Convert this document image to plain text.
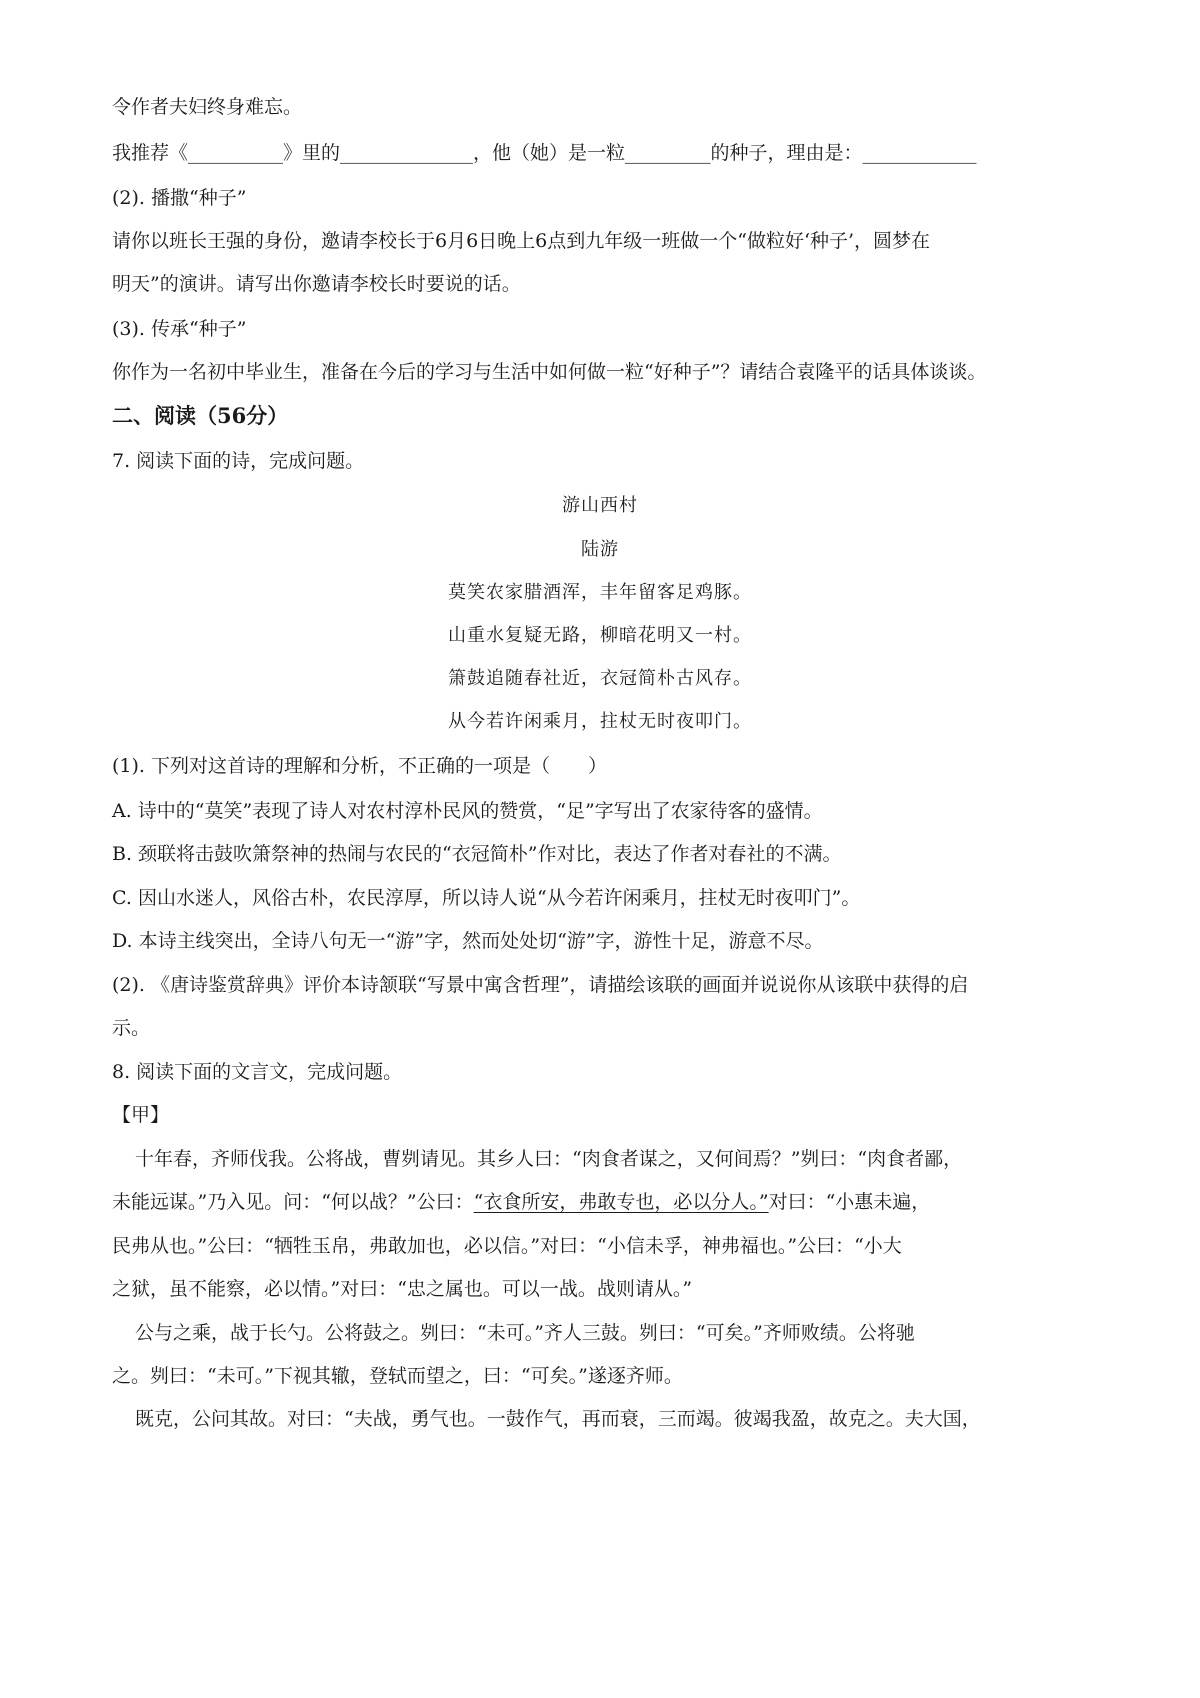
令作者夫妇终身难忘。
我推荐《__________》里的______________，他（她）是一粒_________的种子，理由是：____________
(2). 播撒“种子”
请你以班长王强的身份，邀请李校长于6月6日晚上6点到九年级一班做一个“做粒好‘种子’，圆梦在
明天”的演讲。请写出你邀请李校长时要说的话。
(3). 传承“种子”
你作为一名初中毕业生，准备在今后的学习与生活中如何做一粒“好种子”？请结合袁隆平的话具体谈谈。
二、阅读（56分）
7. 阅读下面的诗，完成问题。
游山西村
陆游
莫笑农家腊酒浑，丰年留客足鸡豚。
山重水复疑无路，柳暗花明又一村。
箫鼓追随春社近，衣冠简朴古风存。
从今若许闲乘月，拄杖无时夜叩门。
(1). 下列对这首诗的理解和分析，不正确的一项是（　　）
A. 诗中的“莫笑”表现了诗人对农村淳朴民风的赞赏，“足”字写出了农家待客的盛情。
B. 颈联将击鼓吹箫祭神的热闹与农民的“衣冠简朴”作对比，表达了作者对春社的不满。
C. 因山水迷人，风俗古朴，农民淳厚，所以诗人说“从今若许闲乘月，拄杖无时夜叩门”。
D. 本诗主线突出，全诗八句无一“游”字，然而处处切“游”字，游性十足，游意不尽。
(2). 《唐诗鉴赏辞典》评价本诗颔联“写景中寓含哲理”，请描绘该联的画面并说说你从该联中获得的启
示。
8. 阅读下面的文言文，完成问题。
【甲】
十年春，齐师伐我。公将战，曹刿请见。其乡人曰：“肉食者谋之，又何间焉？”刿曰：“肉食者鄙，
未能远谋。”乃入见。问：“何以战？”公曰：“衣食所安，弗敢专也，必以分人。”对曰：“小惠未遍，
民弗从也。”公曰：“牺牲玉帛，弗敢加也，必以信。”对曰：“小信未孚，神弗福也。”公曰：“小大
之狱，虽不能察，必以情。”对曰：“忠之属也。可以一战。战则请从。”
公与之乘，战于长勺。公将鼓之。刿曰：“未可。”齐人三鼓。刿曰：“可矣。”齐师败绩。公将驰
之。刿曰：“未可。”下视其辙，登轼而望之，曰：“可矣。”遂逐齐师。
既克，公问其故。对曰：“夫战，勇气也。一鼓作气，再而衰，三而竭。彼竭我盈，故克之。夫大国，
